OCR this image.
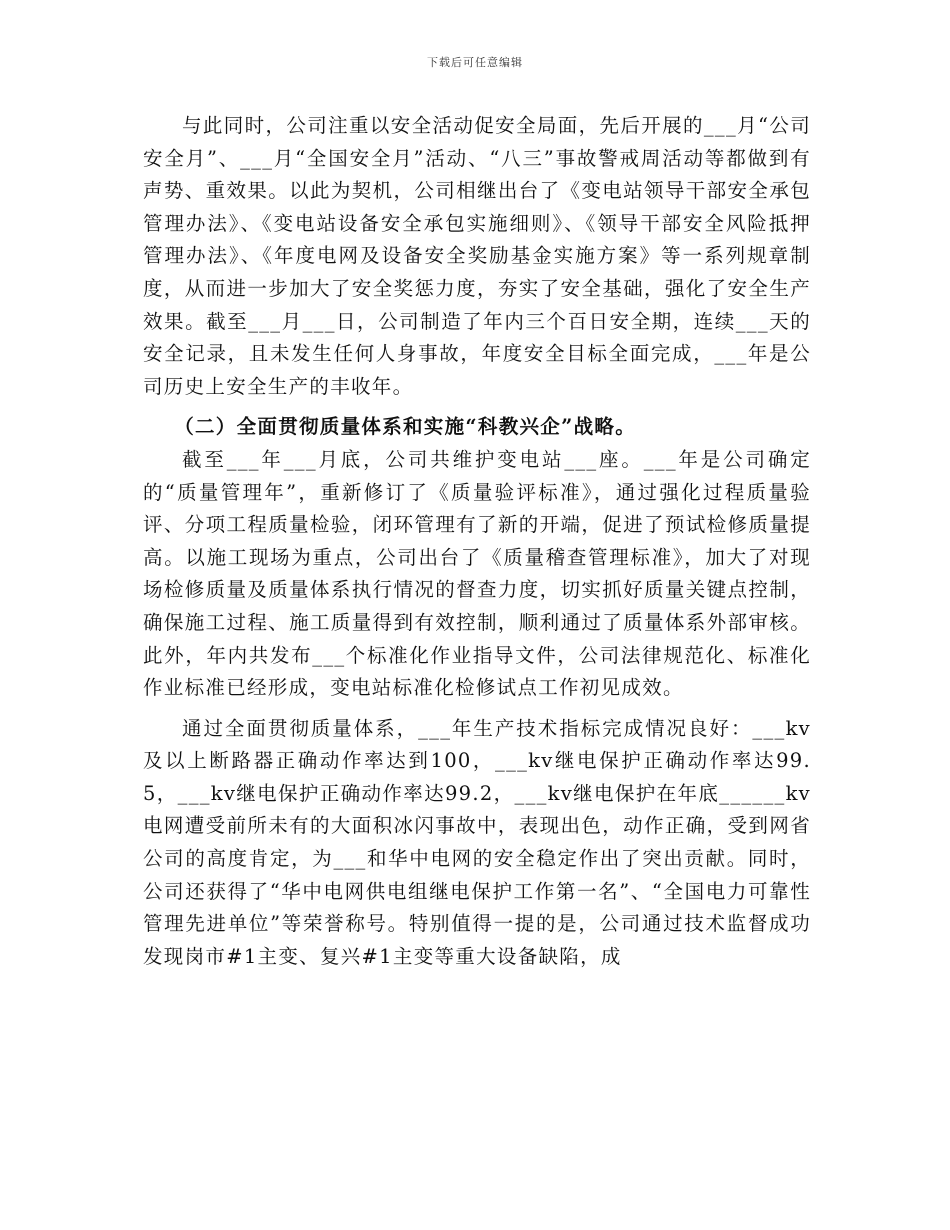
下载后可任意编辑

与此同时，公司注重以安全活动促安全局面，先后开展的___月“公司安全月”、___月“全国安全月”活动、“八三”事故警戒周活动等都做到有声势、重效果。以此为契机，公司相继出台了《变电站领导干部安全承包管理办法》、《变电站设备安全承包实施细则》、《领导干部安全风险抵押管理办法》、《年度电网及设备安全奖励基金实施方案》等一系列规章制度，从而进一步加大了安全奖惩力度，夯实了安全基础，强化了安全生产效果。截至___月___日，公司制造了年内三个百日安全期，连续___天的安全记录，且未发生任何人身事故，年度安全目标全面完成，___年是公司历史上安全生产的丰收年。

（二）全面贯彻质量体系和实施“科教兴企”战略。

截至___年___月底，公司共维护变电站___座。___年是公司确定的“质量管理年”，重新修订了《质量验评标准》，通过强化过程质量验评、分项工程质量检验，闭环管理有了新的开端，促进了预试检修质量提高。以施工现场为重点，公司出台了《质量稽查管理标准》，加大了对现场检修质量及质量体系执行情况的督查力度，切实抓好质量关键点控制，确保施工过程、施工质量得到有效控制，顺利通过了质量体系外部审核。此外，年内共发布___个标准化作业指导文件，公司法律规范化、标准化作业标准已经形成，变电站标准化检修试点工作初见成效。

通过全面贯彻质量体系，___年生产技术指标完成情况良好：___kv及以上断路器正确动作率达到100，___kv继电保护正确动作率达99.5，___kv继电保护正确动作率达99.2，___kv继电保护在年底______kv电网遭受前所未有的大面积冰闪事故中，表现出色，动作正确，受到网省公司的高度肯定，为___和华中电网的安全稳定作出了突出贡献。同时，公司还获得了“华中电网供电组继电保护工作第一名”、“全国电力可靠性管理先进单位”等荣誉称号。特别值得一提的是，公司通过技术监督成功发现岗市#1主变、复兴#1主变等重大设备缺陷，成
